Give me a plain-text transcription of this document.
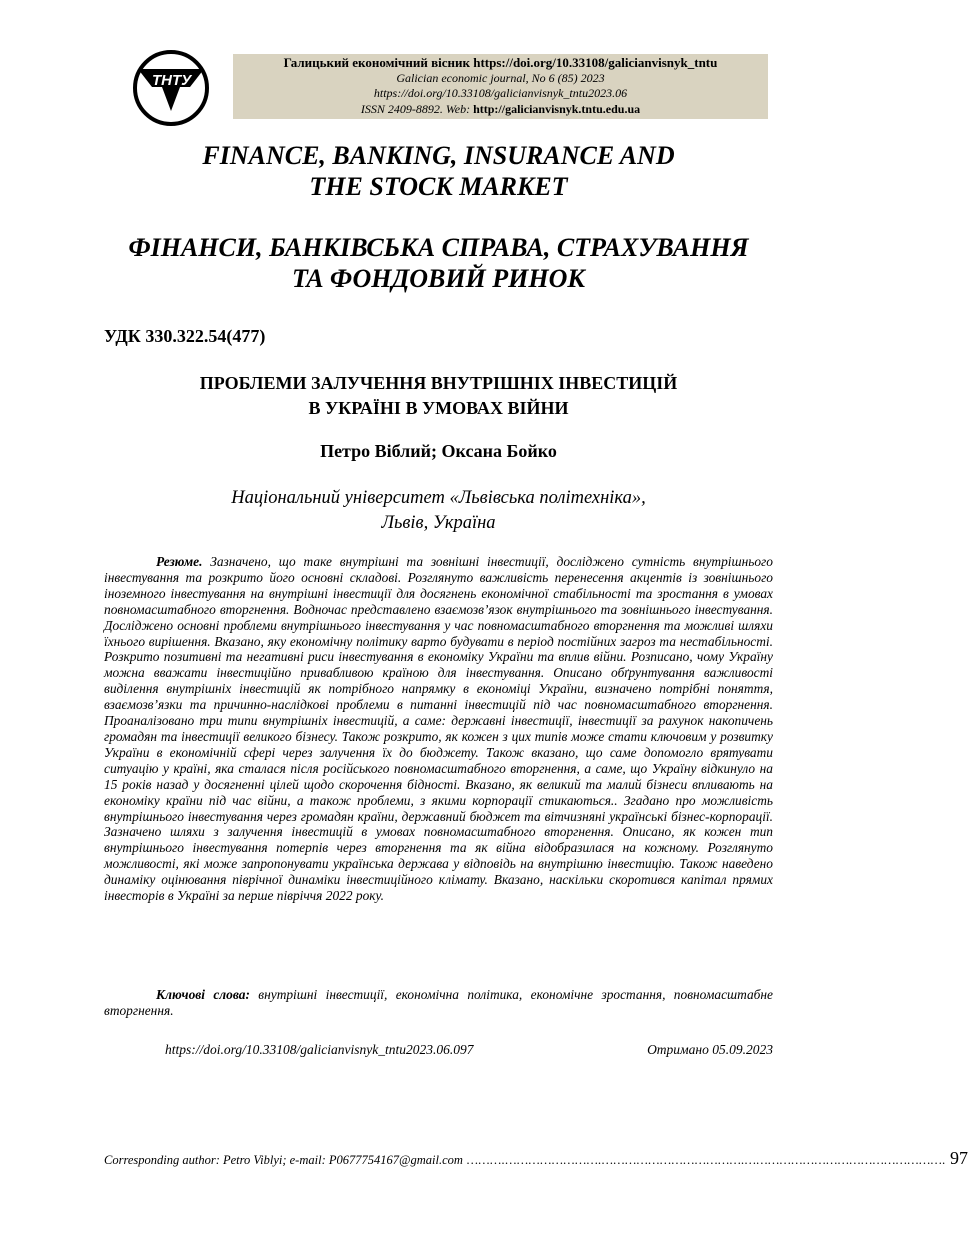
ТНТУ
Галицький економічний вісник https://doi.org/10.33108/galicianvisnyk_tntu
Galician economic journal, No 6 (85) 2023
https://doi.org/10.33108/galicianvisnyk_tntu2023.06
ISSN 2409-8892. Web: http://galicianvisnyk.tntu.edu.ua
FINANCE, BANKING, INSURANCE AND
THE STOCK MARKET
ФІНАНСИ, БАНКІВСЬКА СПРАВА, СТРАХУВАННЯ
ТА ФОНДОВИЙ РИНОК
УДК 330.322.54(477)
ПРОБЛЕМИ ЗАЛУЧЕННЯ ВНУТРІШНІХ ІНВЕСТИЦІЙ
В УКРАЇНІ В УМОВАХ ВІЙНИ
Петро Віблий; Оксана Бойко
Національний університет «Львівська політехніка»,
Львів, Україна

Резюме. Зазначено, що таке внутрішні та зовнішні інвестиції, досліджено сутність внутрішнього інвестування та розкрито його основні складові. Розглянуто важливість перенесення акцентів із зовнішнього іноземного інвестування на внутрішні інвестиції для досягнень економічної стабільності та зростання в умовах повномасштабного вторгнення. Водночас представлено взаємозв’язок внутрішнього та зовнішнього інвестування. Досліджено основні проблеми внутрішнього інвестування у час повномасштабного вторгнення та можливі шляхи їхнього вирішення. Вказано, яку економічну політику варто будувати в період постійних загроз та нестабільності. Розкрито позитивні та негативні риси інвестування в економіку України та вплив війни. Розписано, чому Україну можна вважати інвестиційно привабливою країною для інвестування. Описано обґрунтування важливості виділення внутрішніх інвестицій як потрібного напрямку в економіці України, визначено потрібні поняття, взаємозв’язки та причинно-наслідкові проблеми в питанні інвестицій під час повномасштабного вторгнення. Проаналізовано три типи внутрішніх інвестицій, а саме: державні інвестиції, інвестиції за рахунок накопичень громадян та інвестиції великого бізнесу. Також розкрито, як кожен з цих типів може стати ключовим у розвитку України в економічній сфері через залучення їх до бюджету. Також вказано, що саме допомогло врятувати ситуацію у країні, яка сталася після російського повномасштабного вторгнення, а саме, що Україну відкинуло на 15 років назад у досягненні цілей щодо скорочення бідності. Вказано, як великий та малий бізнеси впливають на економіку країни під час війни, а також проблеми, з якими корпорації стикаються.. Згадано про можливість внутрішнього інвестування через громадян країни, державний бюджет та вітчизняні українські бізнес-корпорації. Зазначено шляхи з залучення інвестицій в умовах повномасштабного вторгнення. Описано, як кожен тип внутрішнього інвестування потерпів через вторгнення та як війна відобразилася на кожному. Розглянуто можливості, які може запропонувати українська держава у відповідь на внутрішню інвестицію. Також наведено динаміку оцінювання піврічної динаміки інвестиційного клімату. Вказано, наскільки скоротився капітал прямих інвесторів в Україні за перше півріччя 2022 року.

Ключові слова: внутрішні інвестиції, економічна політика, економічне зростання, повномасштабне вторгнення.

https://doi.org/10.33108/galicianvisnyk_tntu2023.06.097	Отримано 05.09.2023
Corresponding author: Petro Viblyi; e-mail: P0677754167@gmail.com ……….…………………….……………………………….……………………………………………. 97
